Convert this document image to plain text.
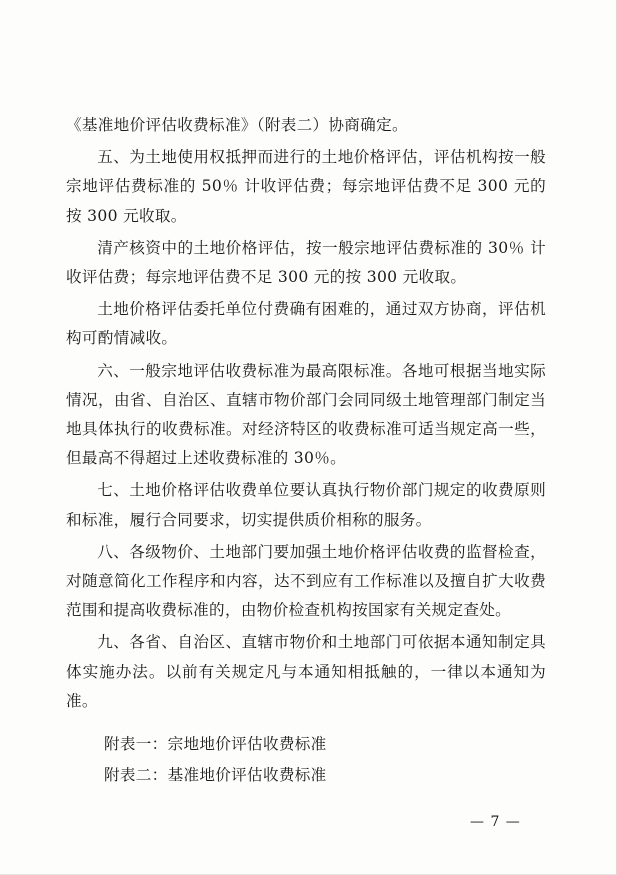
《基准地价评估收费标准》（附表二）协商确定。

五、为土地使用权抵押而进行的土地价格评估，评估机构按一般宗地评估费标准的 50％ 计收评估费；每宗地评估费不足 300 元的按 300 元收取。

清产核资中的土地价格评估，按一般宗地评估费标准的 30％ 计收评估费；每宗地评估费不足 300 元的按 300 元收取。

土地价格评估委托单位付费确有困难的，通过双方协商，评估机构可酌情减收。

六、一般宗地评估收费标准为最高限标准。各地可根据当地实际情况，由省、自治区、直辖市物价部门会同同级土地管理部门制定当地具体执行的收费标准。对经济特区的收费标准可适当规定高一些，但最高不得超过上述收费标准的 30％。

七、土地价格评估收费单位要认真执行物价部门规定的收费原则和标准，履行合同要求，切实提供质价相称的服务。

八、各级物价、土地部门要加强土地价格评估收费的监督检查，对随意简化工作程序和内容，达不到应有工作标准以及擅自扩大收费范围和提高收费标准的，由物价检查机构按国家有关规定查处。

九、各省、自治区、直辖市物价和土地部门可依据本通知制定具体实施办法。以前有关规定凡与本通知相抵触的，一律以本通知为准。

附表一：宗地地价评估收费标准
附表二：基准地价评估收费标准
— 7 —
